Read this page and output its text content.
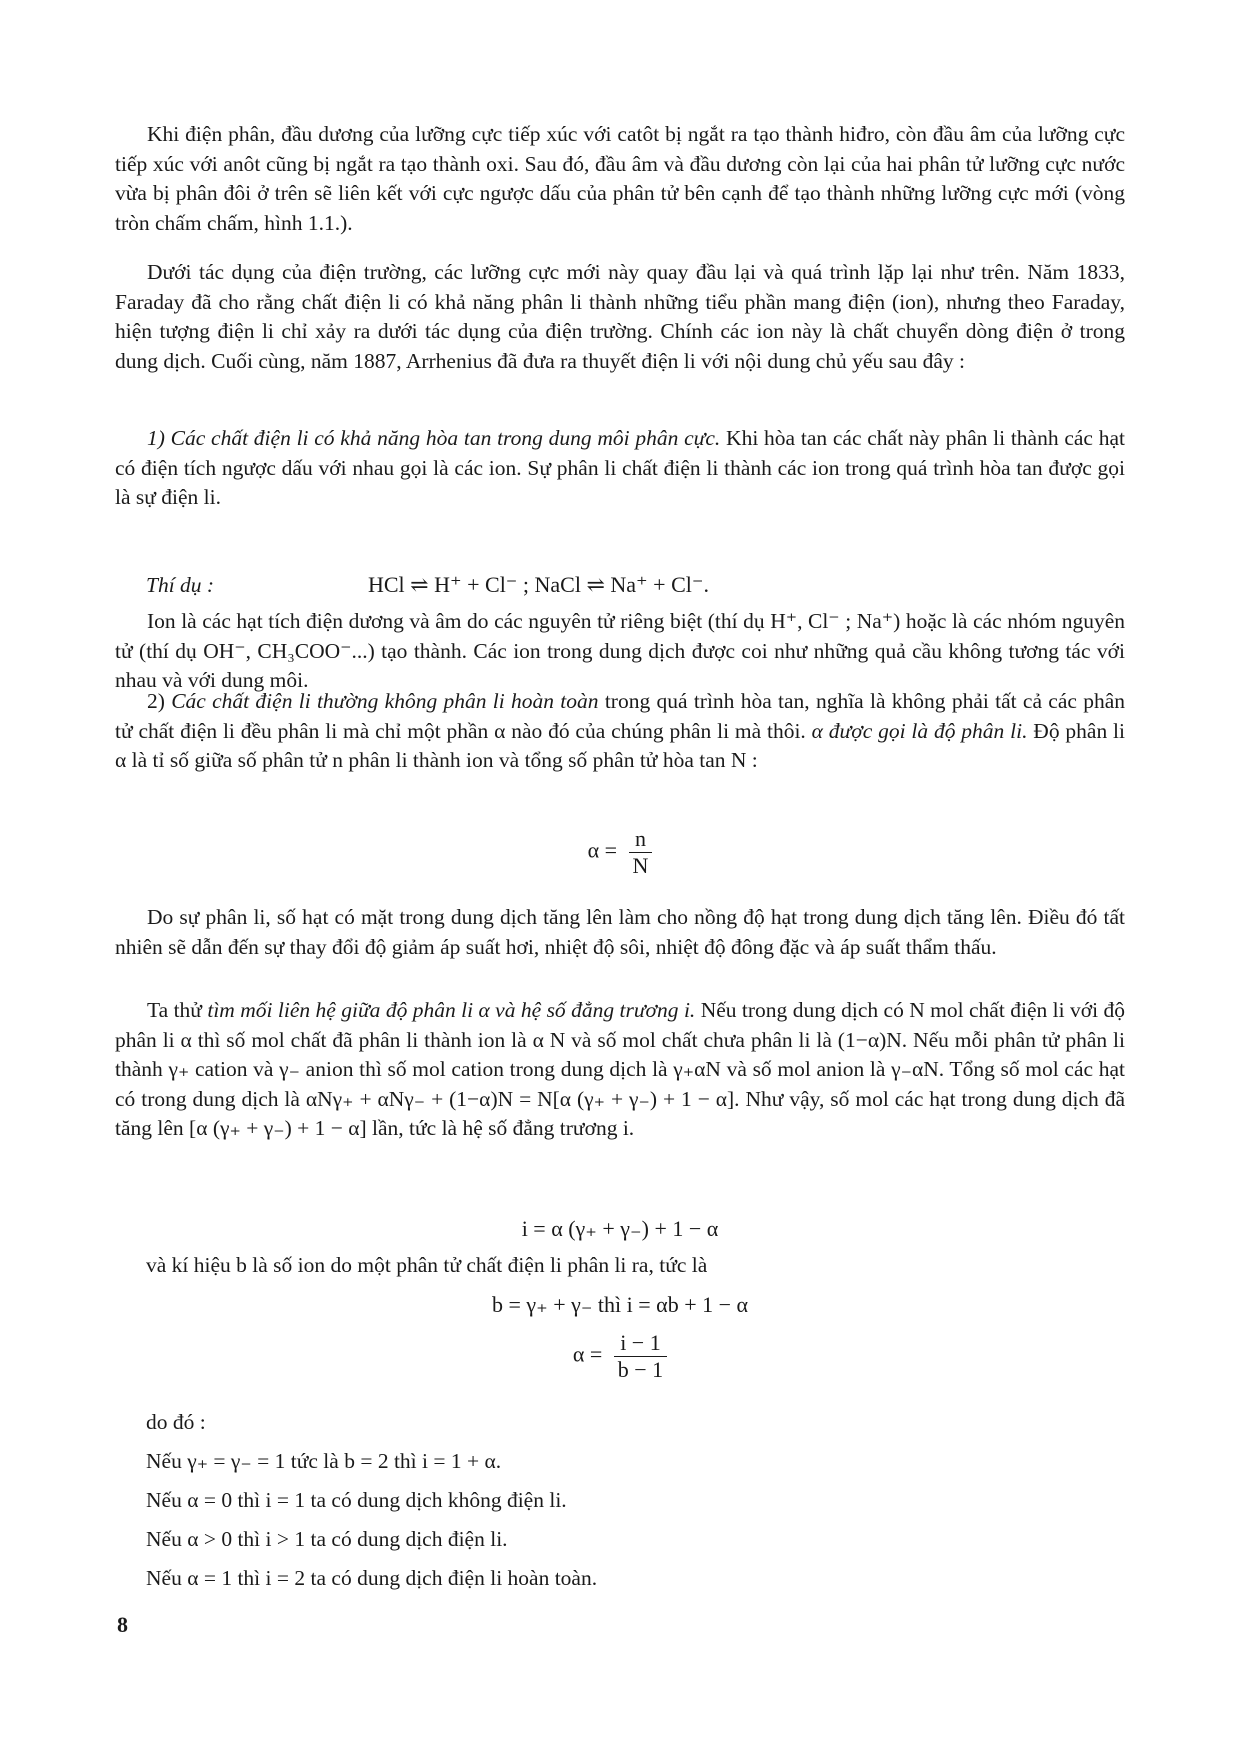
Khi điện phân, đầu dương của lưỡng cực tiếp xúc với catôt bị ngắt ra tạo thành hiđro, còn đầu âm của lưỡng cực tiếp xúc với anôt cũng bị ngắt ra tạo thành oxi. Sau đó, đầu âm và đầu dương còn lại của hai phân tử lưỡng cực nước vừa bị phân đôi ở trên sẽ liên kết với cực ngược dấu của phân tử bên cạnh để tạo thành những lưỡng cực mới (vòng tròn chấm chấm, hình 1.1.).

Dưới tác dụng của điện trường, các lưỡng cực mới này quay đầu lại và quá trình lặp lại như trên. Năm 1833, Faraday đã cho rằng chất điện li có khả năng phân li thành những tiểu phần mang điện (ion), nhưng theo Faraday, hiện tượng điện li chỉ xảy ra dưới tác dụng của điện trường. Chính các ion này là chất chuyển dòng điện ở trong dung dịch. Cuối cùng, năm 1887, Arrhenius đã đưa ra thuyết điện li với nội dung chủ yếu sau đây :

1) Các chất điện li có khả năng hòa tan trong dung môi phân cực. Khi hòa tan các chất này phân li thành các hạt có điện tích ngược dấu với nhau gọi là các ion. Sự phân li chất điện li thành các ion trong quá trình hòa tan được gọi là sự điện li.

Thí dụ :	HCl ⇌ H⁺ + Cl⁻ ; NaCl ⇌ Na⁺ + Cl⁻.

Ion là các hạt tích điện dương và âm do các nguyên tử riêng biệt (thí dụ H⁺, Cl⁻ ; Na⁺) hoặc là các nhóm nguyên tử (thí dụ OH⁻, CH₃COO⁻...) tạo thành. Các ion trong dung dịch được coi như những quả cầu không tương tác với nhau và với dung môi.

2) Các chất điện li thường không phân li hoàn toàn trong quá trình hòa tan, nghĩa là không phải tất cả các phân tử chất điện li đều phân li mà chỉ một phần α nào đó của chúng phân li mà thôi. α được gọi là độ phân li. Độ phân li α là tỉ số giữa số phân tử n phân li thành ion và tổng số phân tử hòa tan N :

$\alpha = \frac{n}{N}$

Do sự phân li, số hạt có mặt trong dung dịch tăng lên làm cho nồng độ hạt trong dung dịch tăng lên. Điều đó tất nhiên sẽ dẫn đến sự thay đổi độ giảm áp suất hơi, nhiệt độ sôi, nhiệt độ đông đặc và áp suất thẩm thấu.

Ta thử tìm mối liên hệ giữa độ phân li α và hệ số đẳng trương i. Nếu trong dung dịch có N mol chất điện li với độ phân li α thì số mol chất đã phân li thành ion là α N và số mol chất chưa phân li là (1−α)N. Nếu mỗi phân tử phân li thành γ₊ cation và γ₋ anion thì số mol cation trong dung dịch là γ₊αN và số mol anion là γ₋αN. Tổng số mol các hạt có trong dung dịch là αNγ₊ + αNγ₋ + (1−α)N = N[α (γ₊ + γ₋) + 1 − α]. Như vậy, số mol các hạt trong dung dịch đã tăng lên [α (γ₊ + γ₋) + 1 − α] lần, tức là hệ số đẳng trương i.

i = α (γ₊ + γ₋) + 1 − α

và kí hiệu b là số ion do một phân tử chất điện li phân li ra, tức là

b = γ₊ + γ₋ thì i = αb + 1 − α
$\alpha = \frac{i - 1}{b - 1}$

do đó :

Nếu γ₊ = γ₋ = 1 tức là b = 2 thì i = 1 + α.

Nếu α = 0 thì i = 1 ta có dung dịch không điện li.

Nếu α > 0 thì i > 1 ta có dung dịch điện li.

Nếu α = 1 thì i = 2 ta có dung dịch điện li hoàn toàn.

8
